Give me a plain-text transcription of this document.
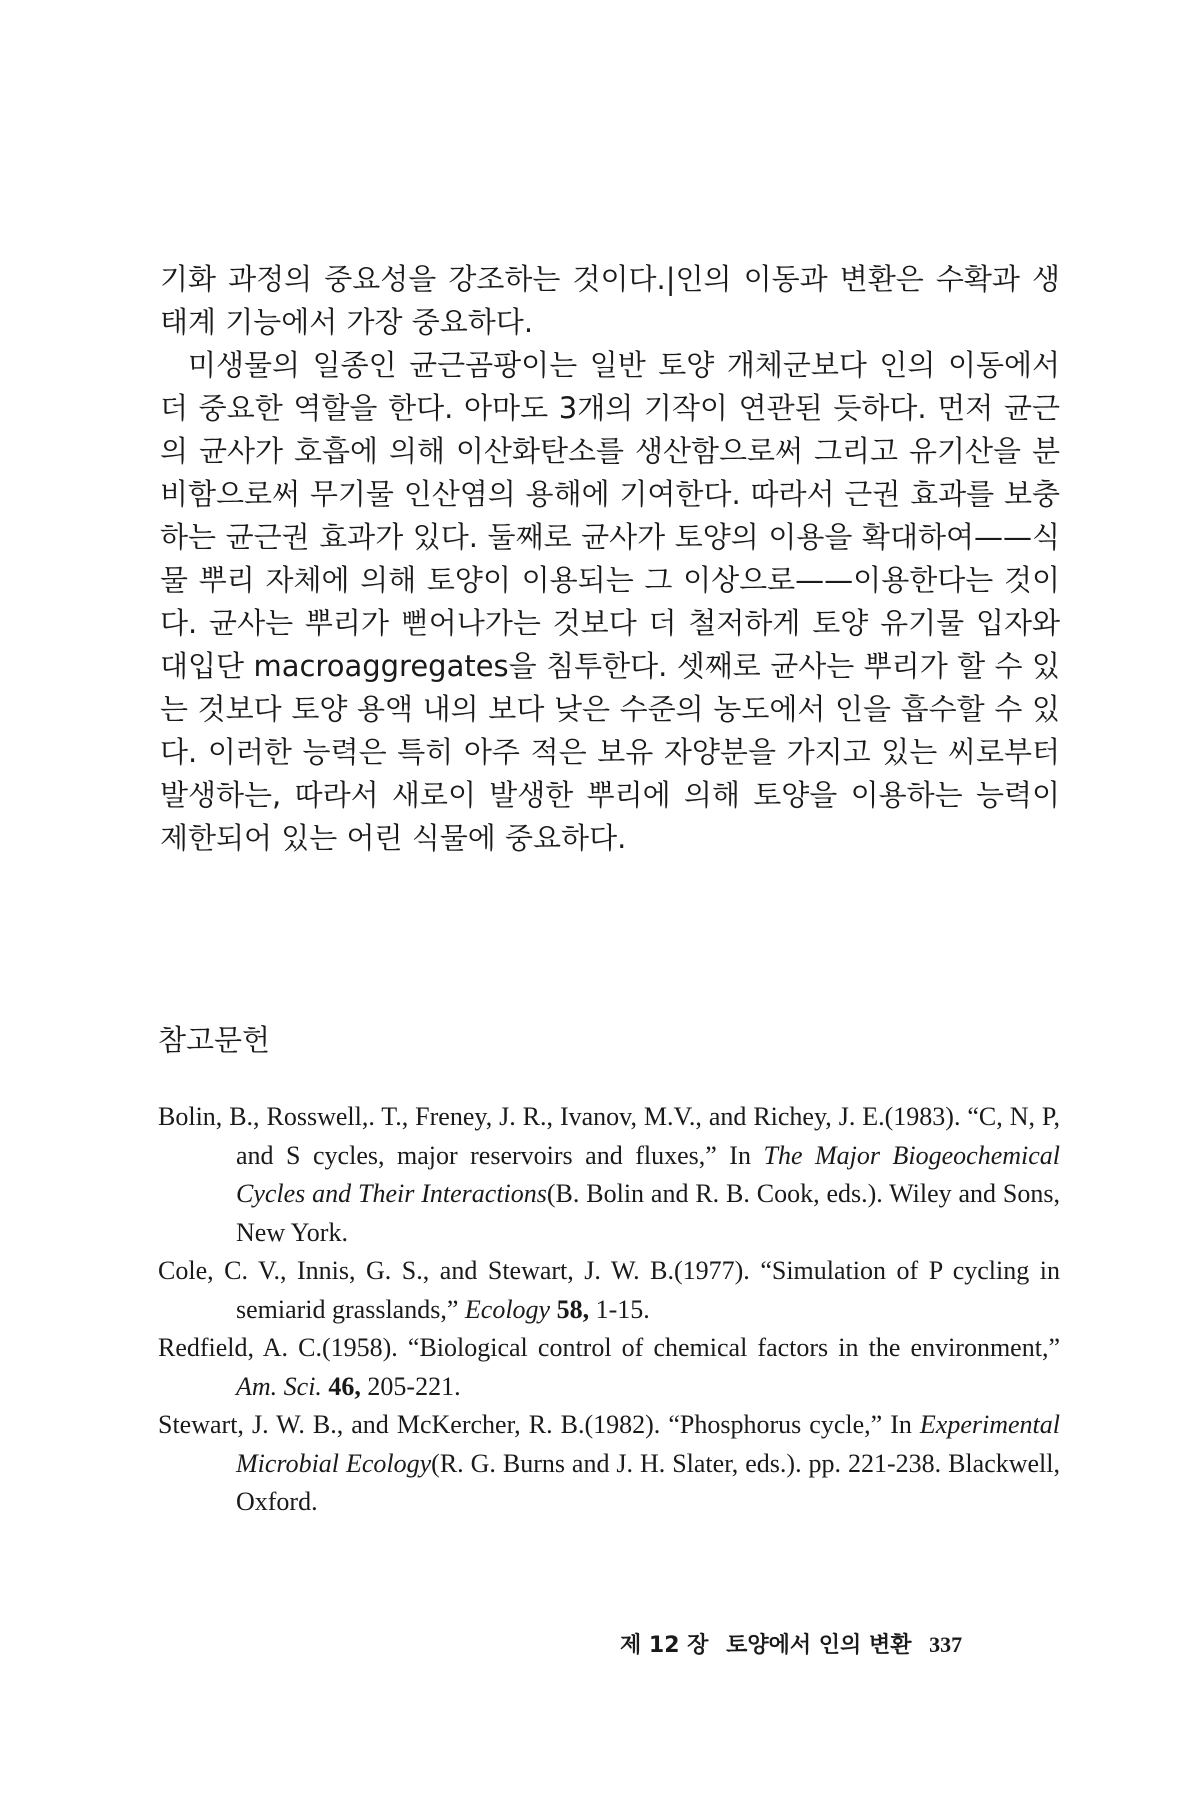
기화 과정의 중요성을 강조하는 것이다.|인의 이동과 변환은 수확과 생태계 기능에서 가장 중요하다.

미생물의 일종인 균근곰팡이는 일반 토양 개체군보다 인의 이동에서 더 중요한 역할을 한다. 아마도 3개의 기작이 연관된 듯하다. 먼저 균근의 균사가 호흡에 의해 이산화탄소를 생산함으로써 그리고 유기산을 분비함으로써 무기물 인산염의 용해에 기여한다. 따라서 근권 효과를 보충하는 균근권 효과가 있다. 둘째로 균사가 토양의 이용을 확대하여——식물 뿌리 자체에 의해 토양이 이용되는 그 이상으로——이용한다는 것이다. 균사는 뿌리가 뻗어나가는 것보다 더 철저하게 토양 유기물 입자와 대입단 macroaggregates을 침투한다. 셋째로 균사는 뿌리가 할 수 있는 것보다 토양 용액 내의 보다 낮은 수준의 농도에서 인을 흡수할 수 있다. 이러한 능력은 특히 아주 적은 보유 자양분을 가지고 있는 씨로부터 발생하는, 따라서 새로이 발생한 뿌리에 의해 토양을 이용하는 능력이 제한되어 있는 어린 식물에 중요하다.

참고문헌

Bolin, B., Rosswell,. T., Freney, J. R., Ivanov, M.V., and Richey, J. E.(1983). “C, N, P, and S cycles, major reservoirs and fluxes,” In The Major Biogeochemical Cycles and Their Interactions(B. Bolin and R. B. Cook, eds.). Wiley and Sons, New York.

Cole, C. V., Innis, G. S., and Stewart, J. W. B.(1977). “Simulation of P cycling in semiarid grasslands,” Ecology 58, 1-15.

Redfield, A. C.(1958). “Biological control of chemical factors in the environment,” Am. Sci. 46, 205-221.

Stewart, J. W. B., and McKercher, R. B.(1982). “Phosphorus cycle,” In Experimental Microbial Ecology(R. G. Burns and J. H. Slater, eds.). pp. 221-238. Blackwell, Oxford.

제 12 장 토양에서 인의 변환 337
